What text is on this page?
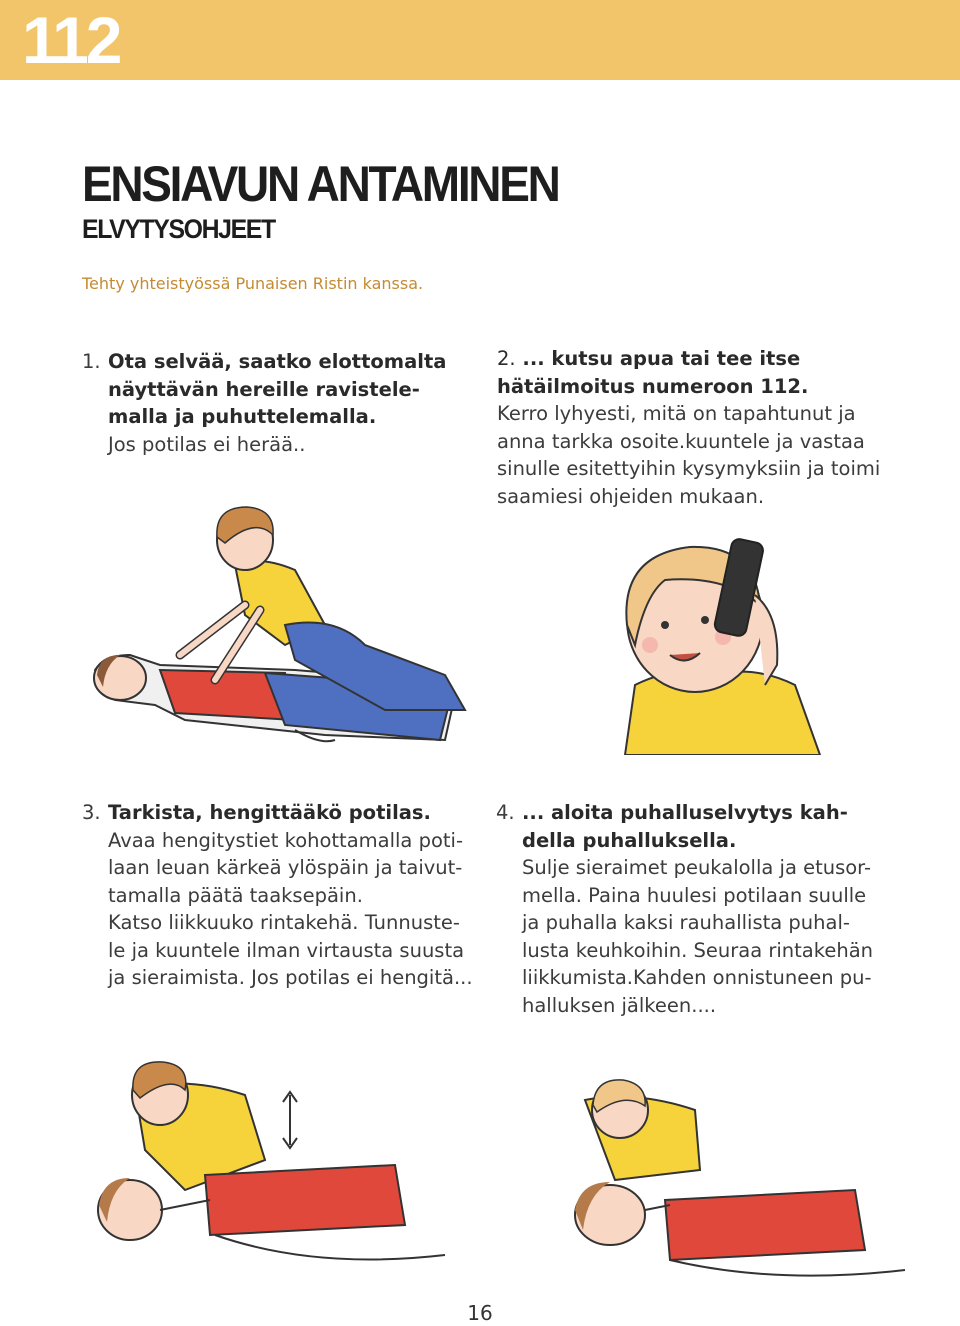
112
ENSIAVUN ANTAMINEN
ELVYTYSOHJEET
Tehty yhteistyössä Punaisen Ristin kanssa.
1. Ota selvää, saatko elottomalta
näyttävän hereille ravistele-
malla ja puhuttelemalla.
Jos potilas ei herää..
2. ... kutsu apua tai tee itse
hätäilmoitus numeroon 112.
Kerro lyhyesti, mitä on tapahtunut ja
anna tarkka osoite.kuuntele ja vastaa
sinulle esitettyihin kysymyksiin ja toimi
saamiesi ohjeiden mukaan.
3. Tarkista, hengittääkö potilas.
Avaa hengitystiet kohottamalla poti-
laan leuan kärkeä ylöspäin ja taivut-
tamalla päätä taaksepäin.
Katso liikkuuko rintakehä. Tunnuste-
le ja kuuntele ilman virtausta suusta
ja sieraimista. Jos potilas ei hengitä...
4. ... aloita puhalluselvytys kah-
della puhalluksella.
Sulje sieraimet peukalolla ja etusor-
mella. Paina huulesi potilaan suulle
ja puhalla kaksi rauhallista puhal-
lusta keuhkoihin. Seuraa rintakehän
liikkumista.Kahden onnistuneen pu-
halluksen jälkeen....
16
